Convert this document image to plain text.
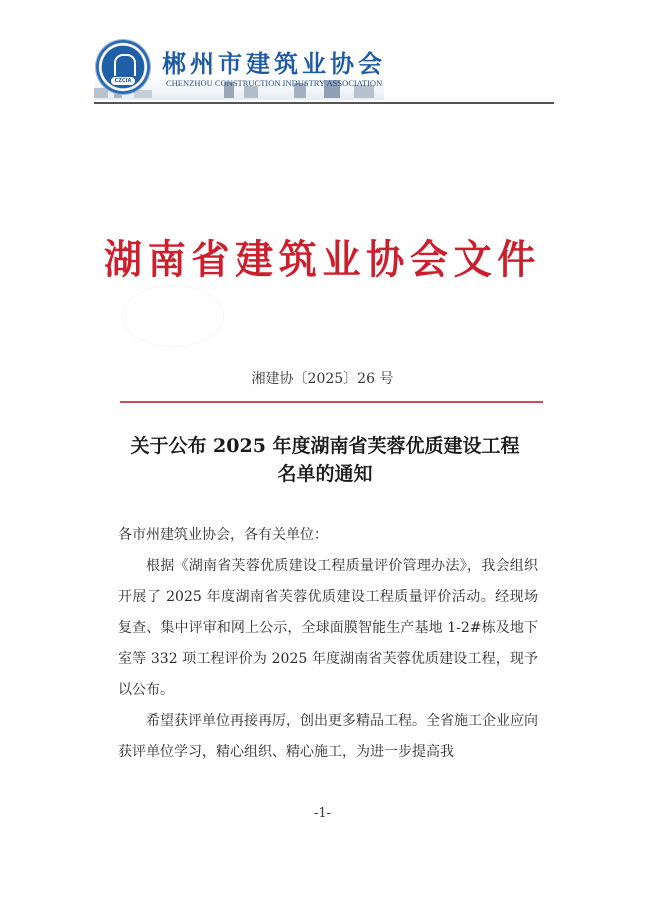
CZCIA
郴州市建筑业协会
CHENZHOU CONSTRUCTION INDUSTRY ASSOCIATION
湖南省建筑业协会文件
湘建协〔2025〕26 号
关于公布 2025 年度湖南省芙蓉优质建设工程
名单的通知

各市州建筑业协会，各有关单位：

根据《湖南省芙蓉优质建设工程质量评价管理办法》，我会组织开展了 2025 年度湖南省芙蓉优质建设工程质量评价活动。经现场复查、集中评审和网上公示，全球面膜智能生产基地 1-2#栋及地下室等 332 项工程评价为 2025 年度湖南省芙蓉优质建设工程，现予以公布。

希望获评单位再接再厉，创出更多精品工程。全省施工企业应向获评单位学习，精心组织、精心施工，为进一步提高我

-1-
